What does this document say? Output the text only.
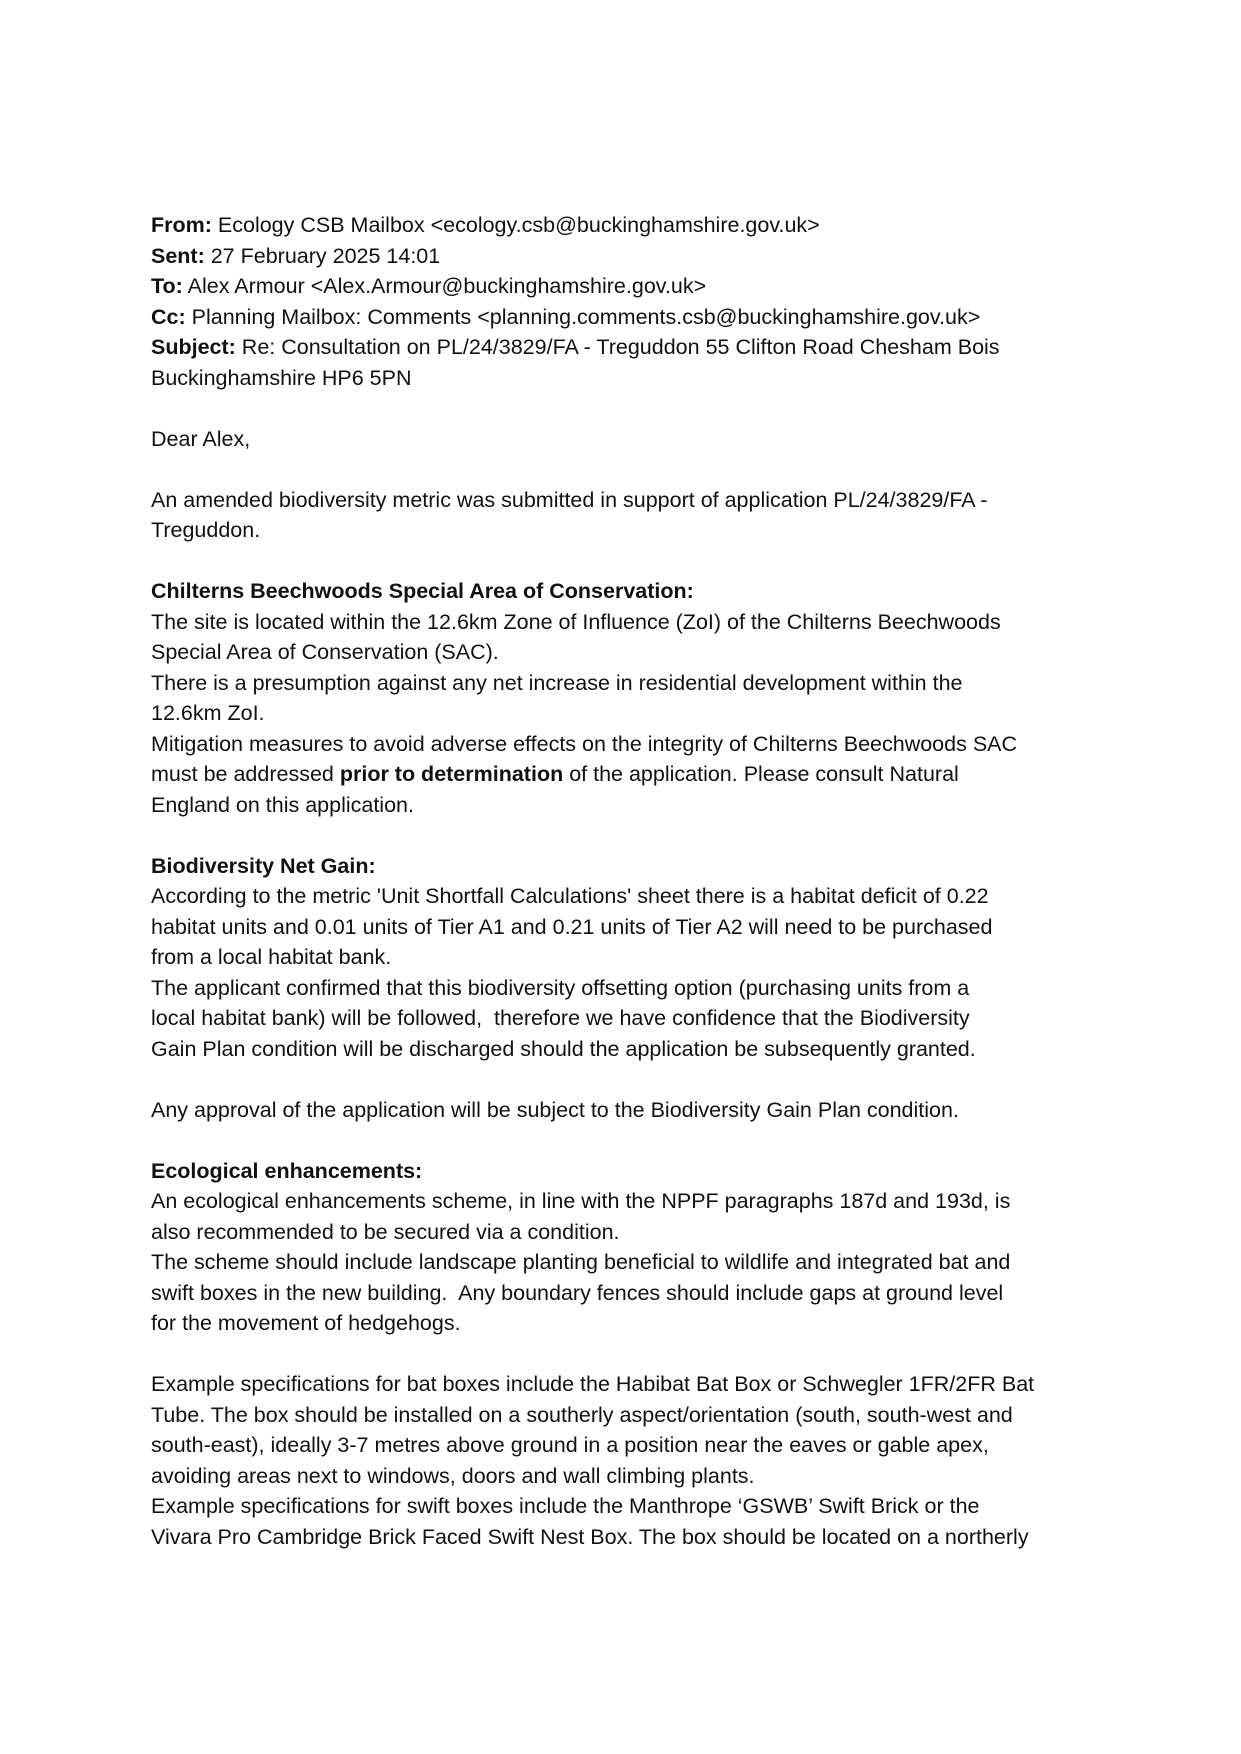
From: Ecology CSB Mailbox <ecology.csb@buckinghamshire.gov.uk>

Sent: 27 February 2025 14:01

To: Alex Armour <Alex.Armour@buckinghamshire.gov.uk>

Cc: Planning Mailbox: Comments <planning.comments.csb@buckinghamshire.gov.uk>

Subject: Re: Consultation on PL/24/3829/FA - Treguddon 55 Clifton Road Chesham Bois

Buckinghamshire HP6 5PN

Dear Alex,

An amended biodiversity metric was submitted in support of application PL/24/3829/FA -

Treguddon.

Chilterns Beechwoods Special Area of Conservation:

The site is located within the 12.6km Zone of Influence (ZoI) of the Chilterns Beechwoods

Special Area of Conservation (SAC).

There is a presumption against any net increase in residential development within the

12.6km ZoI.

Mitigation measures to avoid adverse effects on the integrity of Chilterns Beechwoods SAC

must be addressed prior to determination of the application. Please consult Natural

England on this application.

Biodiversity Net Gain:

According to the metric 'Unit Shortfall Calculations' sheet there is a habitat deficit of 0.22

habitat units and 0.01 units of Tier A1 and 0.21 units of Tier A2 will need to be purchased

from a local habitat bank.

The applicant confirmed that this biodiversity offsetting option (purchasing units from a

local habitat bank) will be followed,  therefore we have confidence that the Biodiversity

Gain Plan condition will be discharged should the application be subsequently granted.

Any approval of the application will be subject to the Biodiversity Gain Plan condition.

Ecological enhancements:

An ecological enhancements scheme, in line with the NPPF paragraphs 187d and 193d, is

also recommended to be secured via a condition.

The scheme should include landscape planting beneficial to wildlife and integrated bat and

swift boxes in the new building.  Any boundary fences should include gaps at ground level

for the movement of hedgehogs.

Example specifications for bat boxes include the Habibat Bat Box or Schwegler 1FR/2FR Bat

Tube. The box should be installed on a southerly aspect/orientation (south, south-west and

south-east), ideally 3-7 metres above ground in a position near the eaves or gable apex,

avoiding areas next to windows, doors and wall climbing plants.

Example specifications for swift boxes include the Manthrope ‘GSWB’ Swift Brick or the

Vivara Pro Cambridge Brick Faced Swift Nest Box. The box should be located on a northerly
